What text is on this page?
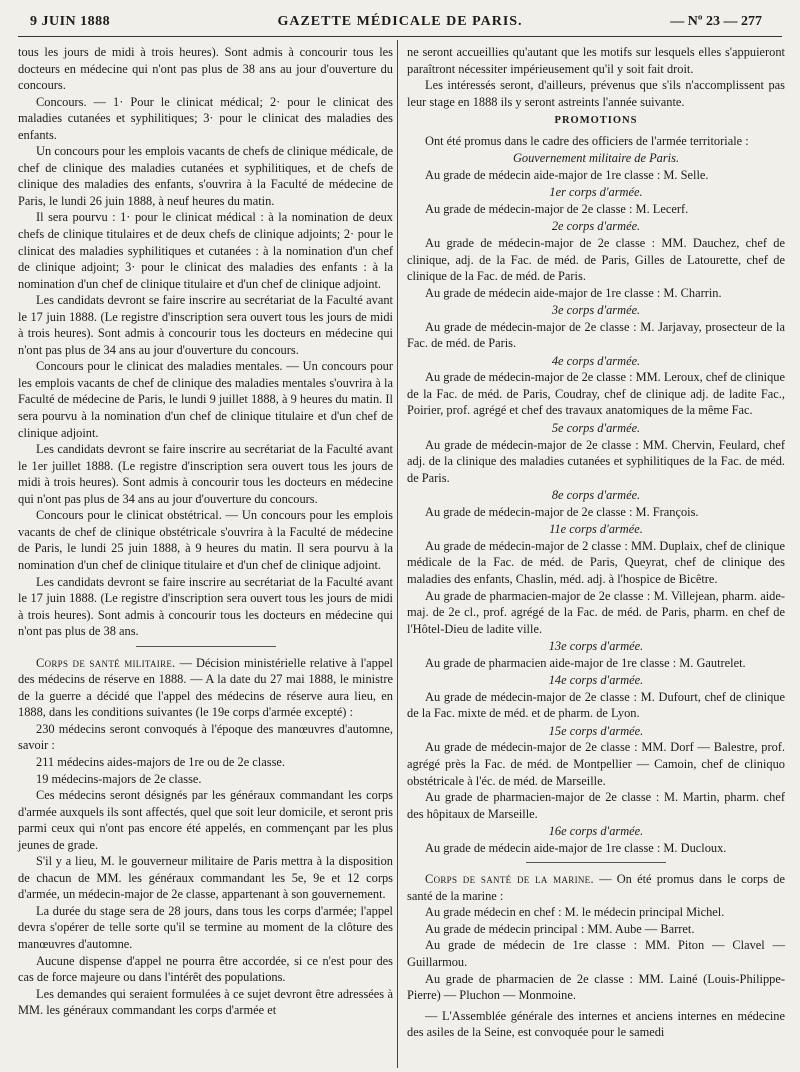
9 JUIN 1888	GAZETTE MÉDICALE DE PARIS.	— Nº 23 — 277

tous les jours de midi à trois heures). Sont admis à concourir tous les docteurs en médecine qui n'ont pas plus de 38 ans au jour d'ouverture du concours.

Concours. — 1· Pour le clinicat médical; 2· pour le clinicat des maladies cutanées et syphilitiques; 3· pour le clinicat des maladies des enfants.

Un concours pour les emplois vacants de chefs de clinique médicale, de chef de clinique des maladies cutanées et syphilitiques, et de chefs de clinique des maladies des enfants, s'ouvrira à la Faculté de médecine de Paris, le lundi 26 juin 1888, à neuf heures du matin.

Il sera pourvu : 1· pour le clinicat médical : à la nomination de deux chefs de clinique titulaires et de deux chefs de clinique adjoints; 2· pour le clinicat des maladies syphilitiques et cutanées : à la nomination d'un chef de clinique adjoint; 3· pour le clinicat des maladies des enfants : à la nomination d'un chef de clinique titulaire et d'un chef de clinique adjoint.

Les candidats devront se faire inscrire au secrétariat de la Faculté avant le 17 juin 1888. (Le registre d'inscription sera ouvert tous les jours de midi à trois heures). Sont admis à concourir tous les docteurs en médecine qui n'ont pas plus de 34 ans au jour d'ouverture du concours.

Concours pour le clinicat des maladies mentales. — Un concours pour les emplois vacants de chef de clinique des maladies mentales s'ouvrira à la Faculté de médecine de Paris, le lundi 9 juillet 1888, à 9 heures du matin. Il sera pourvu à la nomination d'un chef de clinique titulaire et d'un chef de clinique adjoint.

Les candidats devront se faire inscrire au secrétariat de la Faculté avant le 1er juillet 1888. (Le registre d'inscription sera ouvert tous les jours de midi à trois heures). Sont admis à concourir tous les docteurs en médecine qui n'ont pas plus de 34 ans au jour d'ouverture du concours.

Concours pour le clinicat obstétrical. — Un concours pour les emplois vacants de chef de clinique obstétricale s'ouvrira à la Faculté de médecine de Paris, le lundi 25 juin 1888, à 9 heures du matin. Il sera pourvu à la nomination d'un chef de clinique titulaire et d'un chef de clinique adjoint.

Les candidats devront se faire inscrire au secrétariat de la Faculté avant le 17 juin 1888. (Le registre d'inscription sera ouvert tous les jours de midi à trois heures). Sont admis à concourir tous les docteurs en médecine qui n'ont pas plus de 38 ans.

Corps de santé militaire. — Décision ministérielle relative à l'appel des médecins de réserve en 1888. — A la date du 27 mai 1888, le ministre de la guerre a décidé que l'appel des médecins de réserve aura lieu, en 1888, dans les conditions suivantes (le 19e corps d'armée excepté) :

230 médecins seront convoqués à l'époque des manœuvres d'automne, savoir :

211 médecins aides-majors de 1re ou de 2e classe.

19 médecins-majors de 2e classe.

Ces médecins seront désignés par les généraux commandant les corps d'armée auxquels ils sont affectés, quel que soit leur domicile, et seront pris parmi ceux qui n'ont pas encore été appelés, en commençant par les plus jeunes de grade.

S'il y a lieu, M. le gouverneur militaire de Paris mettra à la disposition de chacun de MM. les généraux commandant les 5e, 9e et 12 corps d'armée, un médecin-major de 2e classe, appartenant à son gouvernement.

La durée du stage sera de 28 jours, dans tous les corps d'armée; l'appel devra s'opérer de telle sorte qu'il se termine au moment de la clôture des manœuvres d'automne.

Aucune dispense d'appel ne pourra être accordée, si ce n'est pour des cas de force majeure ou dans l'intérêt des populations.

Les demandes qui seraient formulées à ce sujet devront être adressées à MM. les généraux commandant les corps d'armée et

ne seront accueillies qu'autant que les motifs sur lesquels elles s'appuieront paraîtront nécessiter impérieusement qu'il y soit fait droit.

Les intéressés seront, d'ailleurs, prévenus que s'ils n'accomplissent pas leur stage en 1888 ils y seront astreints l'année suivante.

PROMOTIONS

Ont été promus dans le cadre des officiers de l'armée territoriale :

Gouvernement militaire de Paris.

Au grade de médecin aide-major de 1re classe : M. Selle.

1er corps d'armée.

Au grade de médecin-major de 2e classe : M. Lecerf.

2e corps d'armée.

Au grade de médecin-major de 2e classe : MM. Dauchez, chef de clinique, adj. de la Fac. de méd. de Paris, Gilles de Latourette, chef de clinique de la Fac. de méd. de Paris.

Au grade de médecin aide-major de 1re classe : M. Charrin.

3e corps d'armée.

Au grade de médecin-major de 2e classe : M. Jarjavay, prosecteur de la Fac. de méd. de Paris.

4e corps d'armée.

Au grade de médecin-major de 2e classe : MM. Leroux, chef de clinique de la Fac. de méd. de Paris, Coudray, chef de clinique adj. de ladite Fac., Poirier, prof. agrégé et chef des travaux anatomiques de la même Fac.

5e corps d'armée.

Au grade de médecin-major de 2e classe : MM. Chervin, Feulard, chef adj. de la clinique des maladies cutanées et syphilitiques de la Fac. de méd. de Paris.

8e corps d'armée.

Au grade de médecin-major de 2e classe : M. François.

11e corps d'armée.

Au grade de médecin-major de 2 classe : MM. Duplaix, chef de clinique médicale de la Fac. de méd. de Paris, Queyrat, chef de clinique des maladies des enfants, Chaslin, méd. adj. à l'hospice de Bicêtre.

Au grade de pharmacien-major de 2e classe : M. Villejean, pharm. aide-maj. de 2e cl., prof. agrégé de la Fac. de méd. de Paris, pharm. en chef de l'Hôtel-Dieu de ladite ville.

13e corps d'armée.

Au grade de pharmacien aide-major de 1re classe : M. Gautrelet.

14e corps d'armée.

Au grade de médecin-major de 2e classe : M. Dufourt, chef de clinique de la Fac. mixte de méd. et de pharm. de Lyon.

15e corps d'armée.

Au grade de médecin-major de 2e classe : MM. Dorf — Balestre, prof. agrégé près la Fac. de méd. de Montpellier — Camoin, chef de cliniquo obstétricale à l'éc. de méd. de Marseille.

Au grade de pharmacien-major de 2e classe : M. Martin, pharm. chef des hôpitaux de Marseille.

16e corps d'armée.

Au grade de médecin aide-major de 1re classe : M. Ducloux.

Corps de santé de la marine. — On été promus dans le corps de santé de la marine :

Au grade médecin en chef : M. le médecin principal Michel.

Au grade de médecin principal : MM. Aube — Barret.

Au grade de médecin de 1re classe : MM. Piton — Clavel — Guillarmou.

Au grade de pharmacien de 2e classe : MM. Lainé (Louis-Philippe-Pierre) — Pluchon — Monmoine.

— L'Assemblée générale des internes et anciens internes en médecine des asiles de la Seine, est convoquée pour le samedi
